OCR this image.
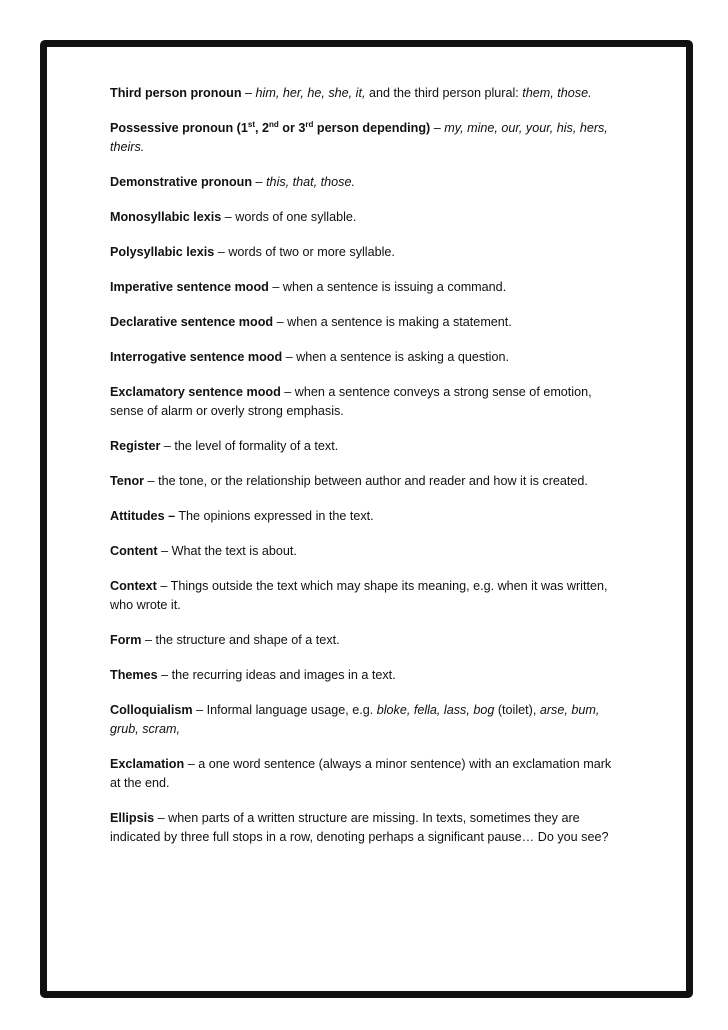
Third person pronoun – him, her, he, she, it, and the third person plural: them, those.

Possessive pronoun (1st, 2nd or 3rd person depending) – my, mine, our, your, his, hers, theirs.

Demonstrative pronoun – this, that, those.

Monosyllabic lexis – words of one syllable.

Polysyllabic lexis – words of two or more syllable.

Imperative sentence mood – when a sentence is issuing a command.

Declarative sentence mood – when a sentence is making a statement.

Interrogative sentence mood – when a sentence is asking a question.

Exclamatory sentence mood – when a sentence conveys a strong sense of emotion, sense of alarm or overly strong emphasis.

Register – the level of formality of a text.

Tenor – the tone, or the relationship between author and reader and how it is created.

Attitudes – The opinions expressed in the text.

Content – What the text is about.

Context – Things outside the text which may shape its meaning, e.g. when it was written, who wrote it.

Form – the structure and shape of a text.

Themes – the recurring ideas and images in a text.

Colloquialism – Informal language usage, e.g. bloke, fella, lass, bog (toilet), arse, bum, grub, scram,

Exclamation – a one word sentence (always a minor sentence) with an exclamation mark at the end.

Ellipsis – when parts of a written structure are missing. In texts, sometimes they are indicated by three full stops in a row, denoting perhaps a significant pause… Do you see?
